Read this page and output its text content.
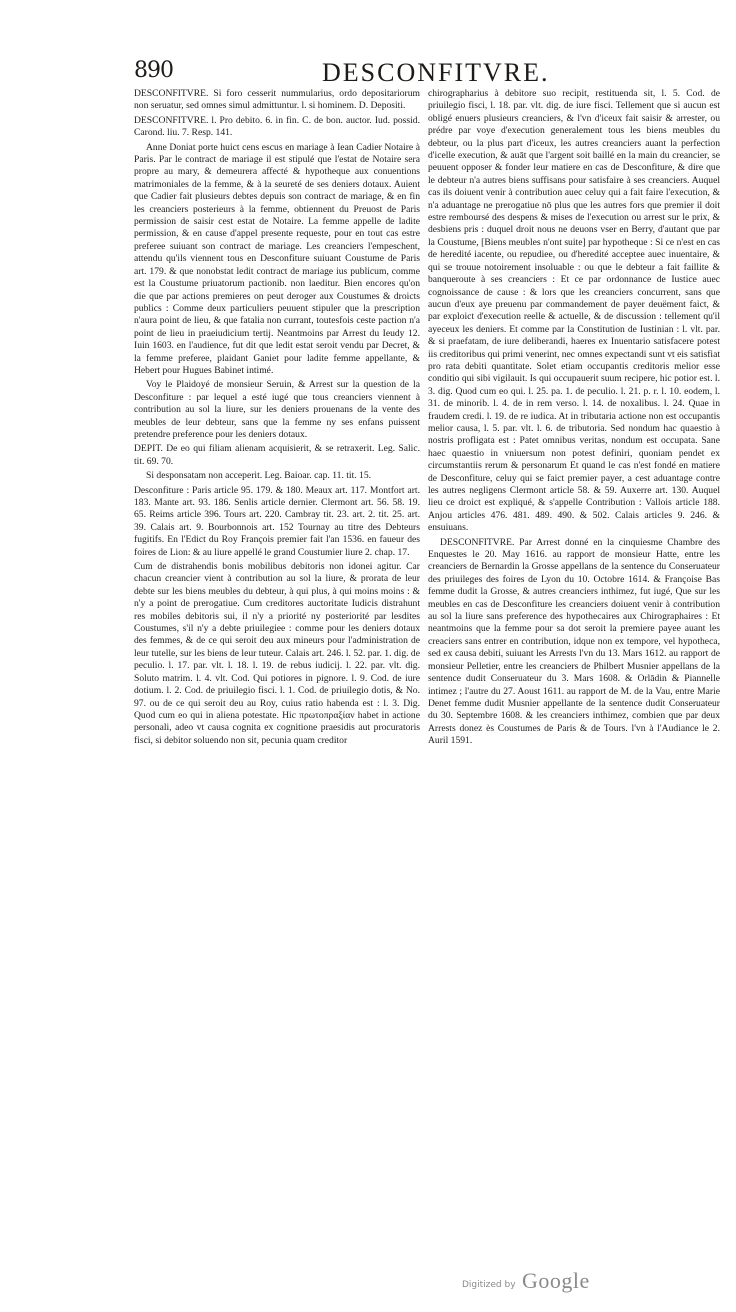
890	DESCONFITVRE.

DESCONFITVRE. Si foro cesserit nummularius, ordo depositariorum non seruatur, sed omnes simul admittuntur. l. si hominem. D. Depositi.

DESCONFITVRE. l. Pro debito. 6. in fin. C. de bon. auctor. Iud. possid. Carond. liu. 7. Resp. 141.

Anne Doniat porte huict cens escus en mariage à Iean Cadier Notaire à Paris. Par le contract de mariage il est stipulé que l'estat de Notaire sera propre au mary, & demeurera affecté & hypotheque aux conuentions matrimoniales de la femme, & à la seureté de ses deniers dotaux. Auient que Cadier fait plusieurs debtes depuis son contract de mariage, & en fin les creanciers posterieurs à la femme, obtiennent du Preuost de Paris permission de saisir cest estat de Notaire. La femme appelle de ladite permission, & en cause d'appel presente requeste, pour en tout cas estre preferee suiuant son contract de mariage. Les creanciers l'empeschent, attendu qu'ils viennent tous en Desconfiture suiuant Coustume de Paris art. 179. & que nonobstat ledit contract de mariage ius publicum, comme est la Coustume priuatorum pactionib. non laeditur. Bien encores qu'on die que par actions premieres on peut deroger aux Coustumes & droicts publics : Comme deux particuliers peuuent stipuler que la prescription n'aura point de lieu, & que fatalia non currant, toutesfois ceste paction n'a point de lieu in praeiudicium tertij. Neantmoins par Arrest du Ieudy 12. Iuin 1603. en l'audience, fut dit que ledit estat seroit vendu par Decret, & la femme preferee, plaidant Ganiet pour ladite femme appellante, & Hebert pour Hugues Babinet intimé.

Voy le Plaidoyé de monsieur Seruin, & Arrest sur la question de la Desconfiture : par lequel a esté iugé que tous creanciers viennent à contribution au sol la liure, sur les deniers prouenans de la vente des meubles de leur debteur, sans que la femme ny ses enfans puissent pretendre preference pour les deniers dotaux.

DEPIT. De eo qui filiam alienam acquisierit, & se retraxerit. Leg. Salic. tit. 69. 70.

Si desponsatam non acceperit. Leg. Baioar. cap. 11. tit. 15.

Desconfiture : Paris article 95. 179. & 180. Meaux art. 117. Montfort art. 183. Mante art. 93. 186. Senlis article dernier. Clermont art. 56. 58. 19. 65. Reims article 396. Tours art. 220. Cambray tit. 23. art. 2. tit. 25. art. 39. Calais art. 9. Bourbonnois art. 152 Tournay au titre des Debteurs fugitifs. En l'Edict du Roy François premier fait l'an 1536. en faueur des foires de Lion: & au liure appellé le grand Coustumier liure 2. chap. 17.

Cum de distrahendis bonis mobilibus debitoris non idonei agitur. Car chacun creancier vient à contribution au sol la liure, & prorata de leur debte sur les biens meubles du debteur, à qui plus, à qui moins moins : & n'y a point de prerogatiue. Cum creditores auctoritate Iudicis distrahunt res mobiles debitoris sui, il n'y a priorité ny posteriorité par lesdites Coustumes, s'il n'y a debte priuilegiee : comme pour les deniers dotaux des femmes, & de ce qui seroit deu aux mineurs pour l'administration de leur tutelle, sur les biens de leur tuteur. Calais art. 246. l. 52. par. 1. dig. de peculio. l. 17. par. vlt. l. 18. l. 19. de rebus iudicij. l. 22. par. vlt. dig. Soluto matrim. l. 4. vlt. Cod. Qui potiores in pignore. l. 9. Cod. de iure dotium. l. 2. Cod. de priuilegio fisci. l. 1. Cod. de priuilegio dotis, & No. 97. ou de ce qui seroit deu au Roy, cuius ratio habenda est : l. 3. Dig. Quod cum eo qui in aliena potestate. Hic πρωτοπραξίαν habet in actione personali, adeo vt causa cognita ex cognitione praesidis aut procuratoris fisci, si debitor soluendo non sit, pecunia quam creditor

chirographarius à debitore suo recipit, restituenda sit, l. 5. Cod. de priuilegio fisci, l. 18. par. vlt. dig. de iure fisci. Tellement que si aucun est obligé enuers plusieurs creanciers, & l'vn d'iceux fait saisir & arrester, ou prédre par voye d'execution generalement tous les biens meubles du debteur, ou la plus part d'iceux, les autres creanciers auant la perfection d'icelle execution, & auāt que l'argent soit baillé en la main du creancier, se peuuent opposer & fonder leur matiere en cas de Desconfiture, & dire que le debteur n'a autres biens suffisans pour satisfaire à ses creanciers. Auquel cas ils doiuent venir à contribution auec celuy qui a fait faire l'execution, & n'a aduantage ne prerogatiue nō plus que les autres fors que premier il doit estre remboursé des despens & mises de l'execution ou arrest sur le prix, & desbiens pris : duquel droit nous ne deuons vser en Berry, d'autant que par la Coustume, [Biens meubles n'ont suite] par hypotheque : Si ce n'est en cas de heredité iacente, ou repudiee, ou d'heredité acceptee auec inuentaire, & qui se trouue notoirement insoluable : ou que le debteur a fait faillite & banqueroute à ses creanciers : Et ce par ordonnance de Iustice auec cognoissance de cause : & lors que les creanciers concurrent, sans que aucun d'eux aye preuenu par commandement de payer deuëment faict, & par exploict d'execution reelle & actuelle, & de discussion : tellement qu'il ayeceux les deniers. Et comme par la Constitution de Iustinian : l. vlt. par. & si praefatam, de iure deliberandi, haeres ex Inuentario satisfacere potest iis creditoribus qui primi venerint, nec omnes expectandi sunt vt eis satisfiat pro rata debiti quantitate. Solet etiam occupantis creditoris melior esse conditio qui sibi vigilauit. Is qui occupauerit suum recipere, hic potior est. l. 3. dig. Quod cum eo qui. l. 25. pa. 1. de peculio. l. 21. p. r. l. 10. eodem, l. 31. de minorib. l. 4. de in rem verso. l. 14. de noxalibus. l. 24. Quae in fraudem credi. l. 19. de re iudica. At in tributaria actione non est occupantis melior causa, l. 5. par. vlt. l. 6. de tributoria. Sed nondum hac quaestio à nostris profligata est : Patet omnibus veritas, nondum est occupata. Sane haec quaestio in vniuersum non potest definiri, quoniam pendet ex circumstantiis rerum & personarum Et quand le cas n'est fondé en matiere de Desconfiture, celuy qui se faict premier payer, a cest aduantage contre les autres negligens Clermont article 58. & 59. Auxerre art. 130. Auquel lieu ce droict est expliqué, & s'appelle Contribution : Vallois article 188. Anjou articles 476. 481. 489. 490. & 502. Calais articles 9. 246. & ensuiuans.

DESCONFITVRE. Par Arrest donné en la cinquiesme Chambre des Enquestes le 20. May 1616. au rapport de monsieur Hatte, entre les creanciers de Bernardin la Grosse appellans de la sentence du Conseruateur des priuileges des foires de Lyon du 10. Octobre 1614. & Françoise Bas femme dudit la Grosse, & autres creanciers inthimez, fut iugé, Que sur les meubles en cas de Desconfiture les creanciers doiuent venir à contribution au sol la liure sans preference des hypothecaires aux Chirographaires : Et neantmoins que la femme pour sa dot seroit la premiere payee auant les creaciers sans entrer en contribution, idque non ex tempore, vel hypotheca, sed ex causa debiti, suiuant les Arrests l'vn du 13. Mars 1612. au rapport de monsieur Pelletier, entre les creanciers de Philbert Musnier appellans de la sentence dudit Conseruateur du 3. Mars 1608. & Orlādin & Piannelle intimez ; l'autre du 27. Aoust 1611. au rapport de M. de la Vau, entre Marie Denet femme dudit Musnier appellante de la sentence dudit Conseruateur du 30. Septembre 1608. & les creanciers inthimez, combien que par deux Arrests donez ès Coustumes de Paris & de Tours. l'vn à l'Audiance le 2. Auril 1591.

Digitized by Google
